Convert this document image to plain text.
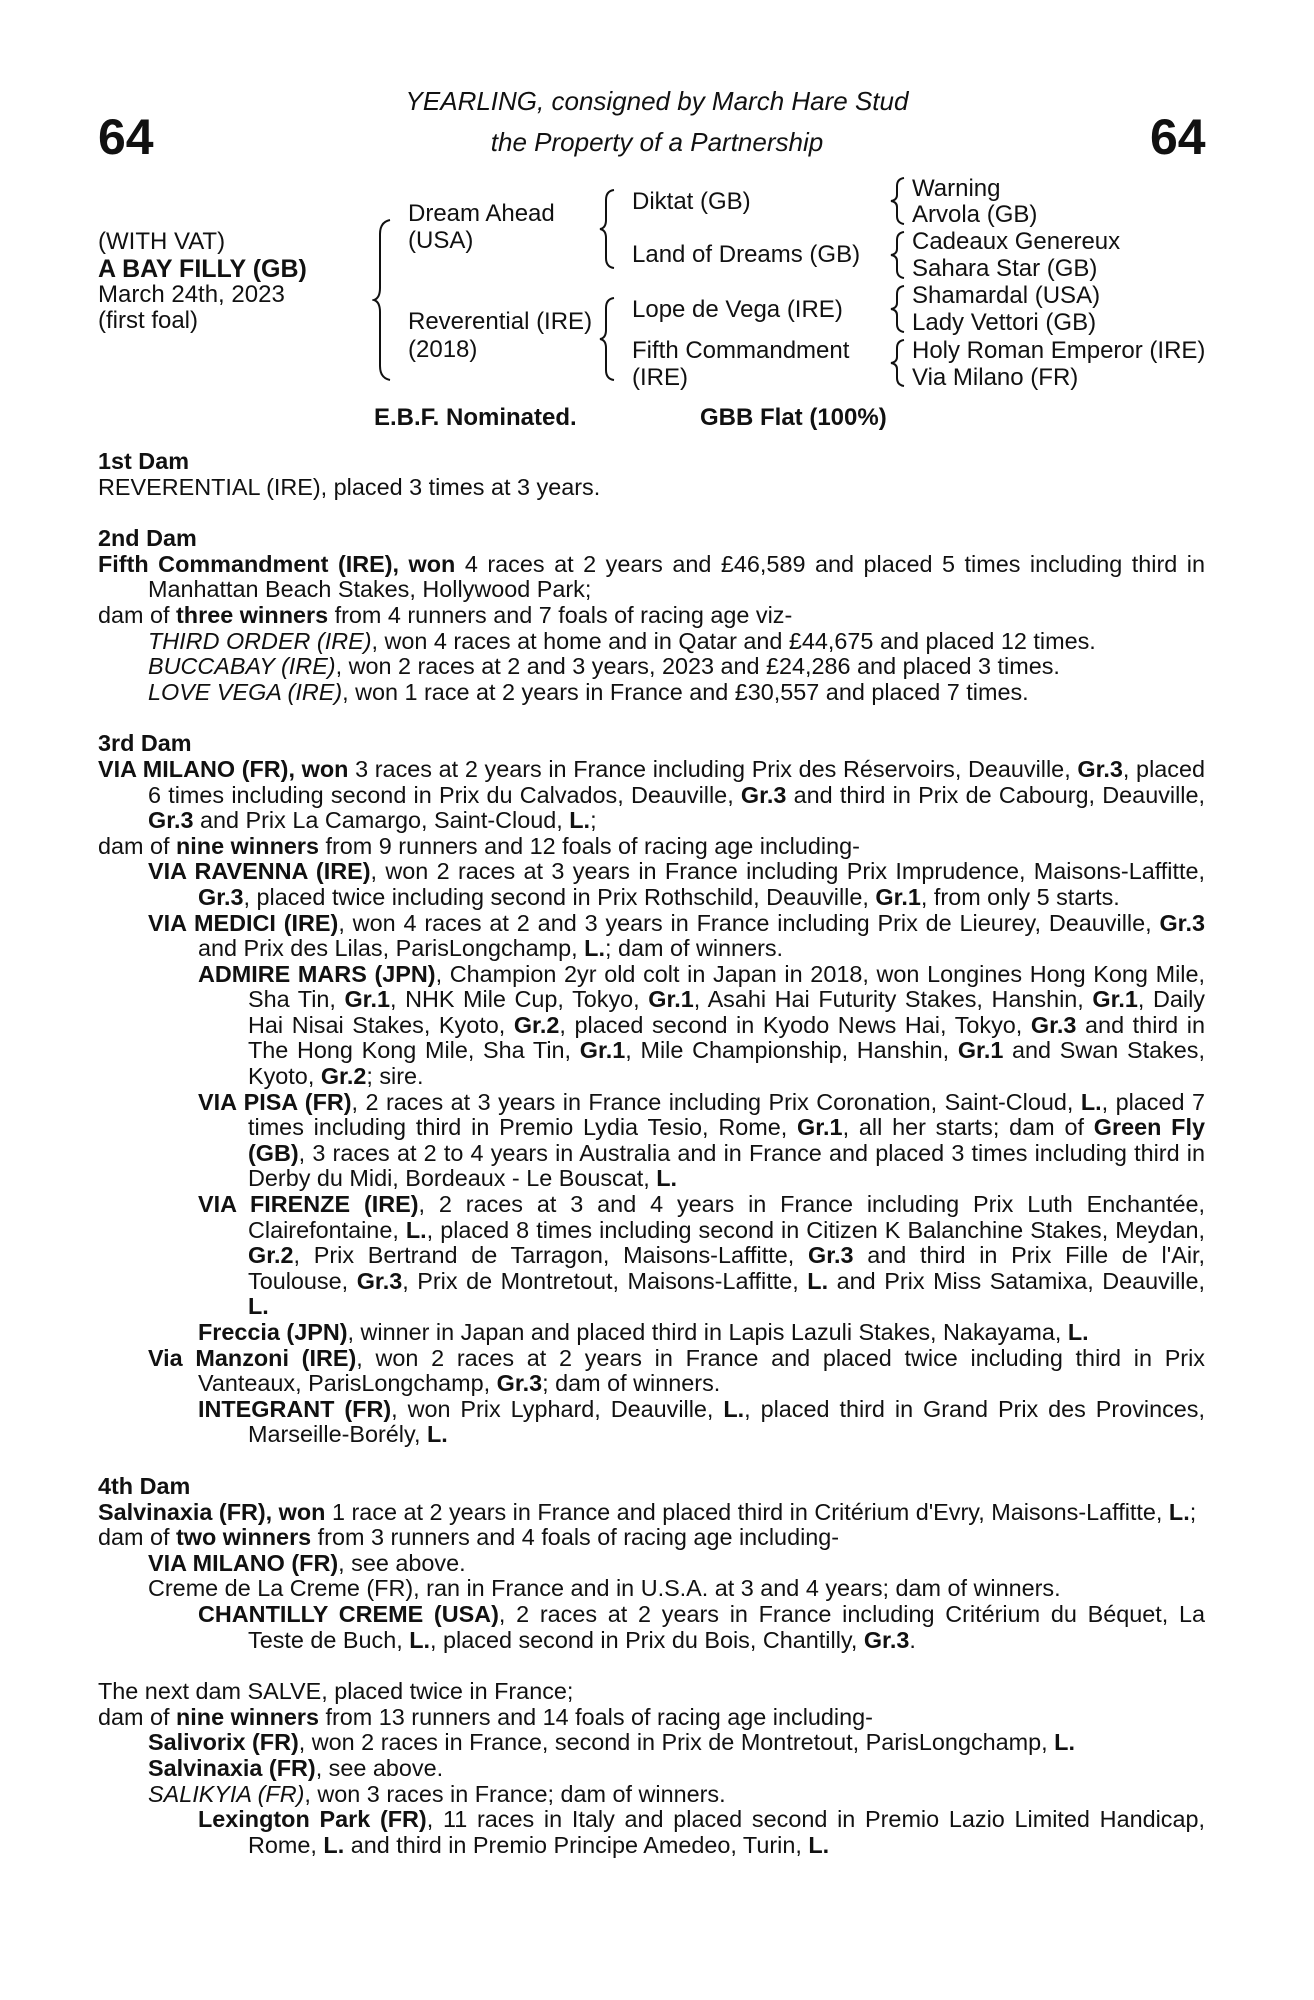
64	64
YEARLING, consigned by March Hare Stud
the Property of a Partnership
(WITH VAT)
A BAY FILLY (GB)
March 24th, 2023
(first foal)
Dream Ahead
(USA)
Reverential (IRE)
(2018)
Diktat (GB)
Land of Dreams (GB)
Lope de Vega (IRE)
Fifth Commandment
(IRE)
Warning
Arvola (GB)
Cadeaux Genereux
Sahara Star (GB)
Shamardal (USA)
Lady Vettori (GB)
Holy Roman Emperor (IRE)
Via Milano (FR)
E.B.F. Nominated.	GBB Flat (100%)
1st Dam
REVERENTIAL (IRE), placed 3 times at 3 years.
2nd Dam
Fifth Commandment (IRE), won 4 races at 2 years and £46,589 and placed 5 times including third in Manhattan Beach Stakes, Hollywood Park;
dam of three winners from 4 runners and 7 foals of racing age viz-
THIRD ORDER (IRE), won 4 races at home and in Qatar and £44,675 and placed 12 times.
BUCCABAY (IRE), won 2 races at 2 and 3 years, 2023 and £24,286 and placed 3 times.
LOVE VEGA (IRE), won 1 race at 2 years in France and £30,557 and placed 7 times.
3rd Dam
VIA MILANO (FR), won 3 races at 2 years in France including Prix des Réservoirs, Deauville, Gr.3, placed 6 times including second in Prix du Calvados, Deauville, Gr.3 and third in Prix de Cabourg, Deauville, Gr.3 and Prix La Camargo, Saint-Cloud, L.;
dam of nine winners from 9 runners and 12 foals of racing age including-
VIA RAVENNA (IRE), won 2 races at 3 years in France including Prix Imprudence, Maisons-Laffitte, Gr.3, placed twice including second in Prix Rothschild, Deauville, Gr.1, from only 5 starts.
VIA MEDICI (IRE), won 4 races at 2 and 3 years in France including Prix de Lieurey, Deauville, Gr.3 and Prix des Lilas, ParisLongchamp, L.; dam of winners.
ADMIRE MARS (JPN), Champion 2yr old colt in Japan in 2018, won Longines Hong Kong Mile, Sha Tin, Gr.1, NHK Mile Cup, Tokyo, Gr.1, Asahi Hai Futurity Stakes, Hanshin, Gr.1, Daily Hai Nisai Stakes, Kyoto, Gr.2, placed second in Kyodo News Hai, Tokyo, Gr.3 and third in The Hong Kong Mile, Sha Tin, Gr.1, Mile Championship, Hanshin, Gr.1 and Swan Stakes, Kyoto, Gr.2; sire.
VIA PISA (FR), 2 races at 3 years in France including Prix Coronation, Saint-Cloud, L., placed 7 times including third in Premio Lydia Tesio, Rome, Gr.1, all her starts; dam of Green Fly (GB), 3 races at 2 to 4 years in Australia and in France and placed 3 times including third in Derby du Midi, Bordeaux - Le Bouscat, L.
VIA FIRENZE (IRE), 2 races at 3 and 4 years in France including Prix Luth Enchantée, Clairefontaine, L., placed 8 times including second in Citizen K Balanchine Stakes, Meydan, Gr.2, Prix Bertrand de Tarragon, Maisons-Laffitte, Gr.3 and third in Prix Fille de l'Air, Toulouse, Gr.3, Prix de Montretout, Maisons-Laffitte, L. and Prix Miss Satamixa, Deauville, L.
Freccia (JPN), winner in Japan and placed third in Lapis Lazuli Stakes, Nakayama, L.
Via Manzoni (IRE), won 2 races at 2 years in France and placed twice including third in Prix Vanteaux, ParisLongchamp, Gr.3; dam of winners.
INTEGRANT (FR), won Prix Lyphard, Deauville, L., placed third in Grand Prix des Provinces, Marseille-Borély, L.
4th Dam
Salvinaxia (FR), won 1 race at 2 years in France and placed third in Critérium d'Evry, Maisons-Laffitte, L.;
dam of two winners from 3 runners and 4 foals of racing age including-
VIA MILANO (FR), see above.
Creme de La Creme (FR), ran in France and in U.S.A. at 3 and 4 years; dam of winners.
CHANTILLY CREME (USA), 2 races at 2 years in France including Critérium du Béquet, La Teste de Buch, L., placed second in Prix du Bois, Chantilly, Gr.3.
The next dam SALVE, placed twice in France;
dam of nine winners from 13 runners and 14 foals of racing age including-
Salivorix (FR), won 2 races in France, second in Prix de Montretout, ParisLongchamp, L.
Salvinaxia (FR), see above.
SALIKYIA (FR), won 3 races in France; dam of winners.
Lexington Park (FR), 11 races in Italy and placed second in Premio Lazio Limited Handicap, Rome, L. and third in Premio Principe Amedeo, Turin, L.
